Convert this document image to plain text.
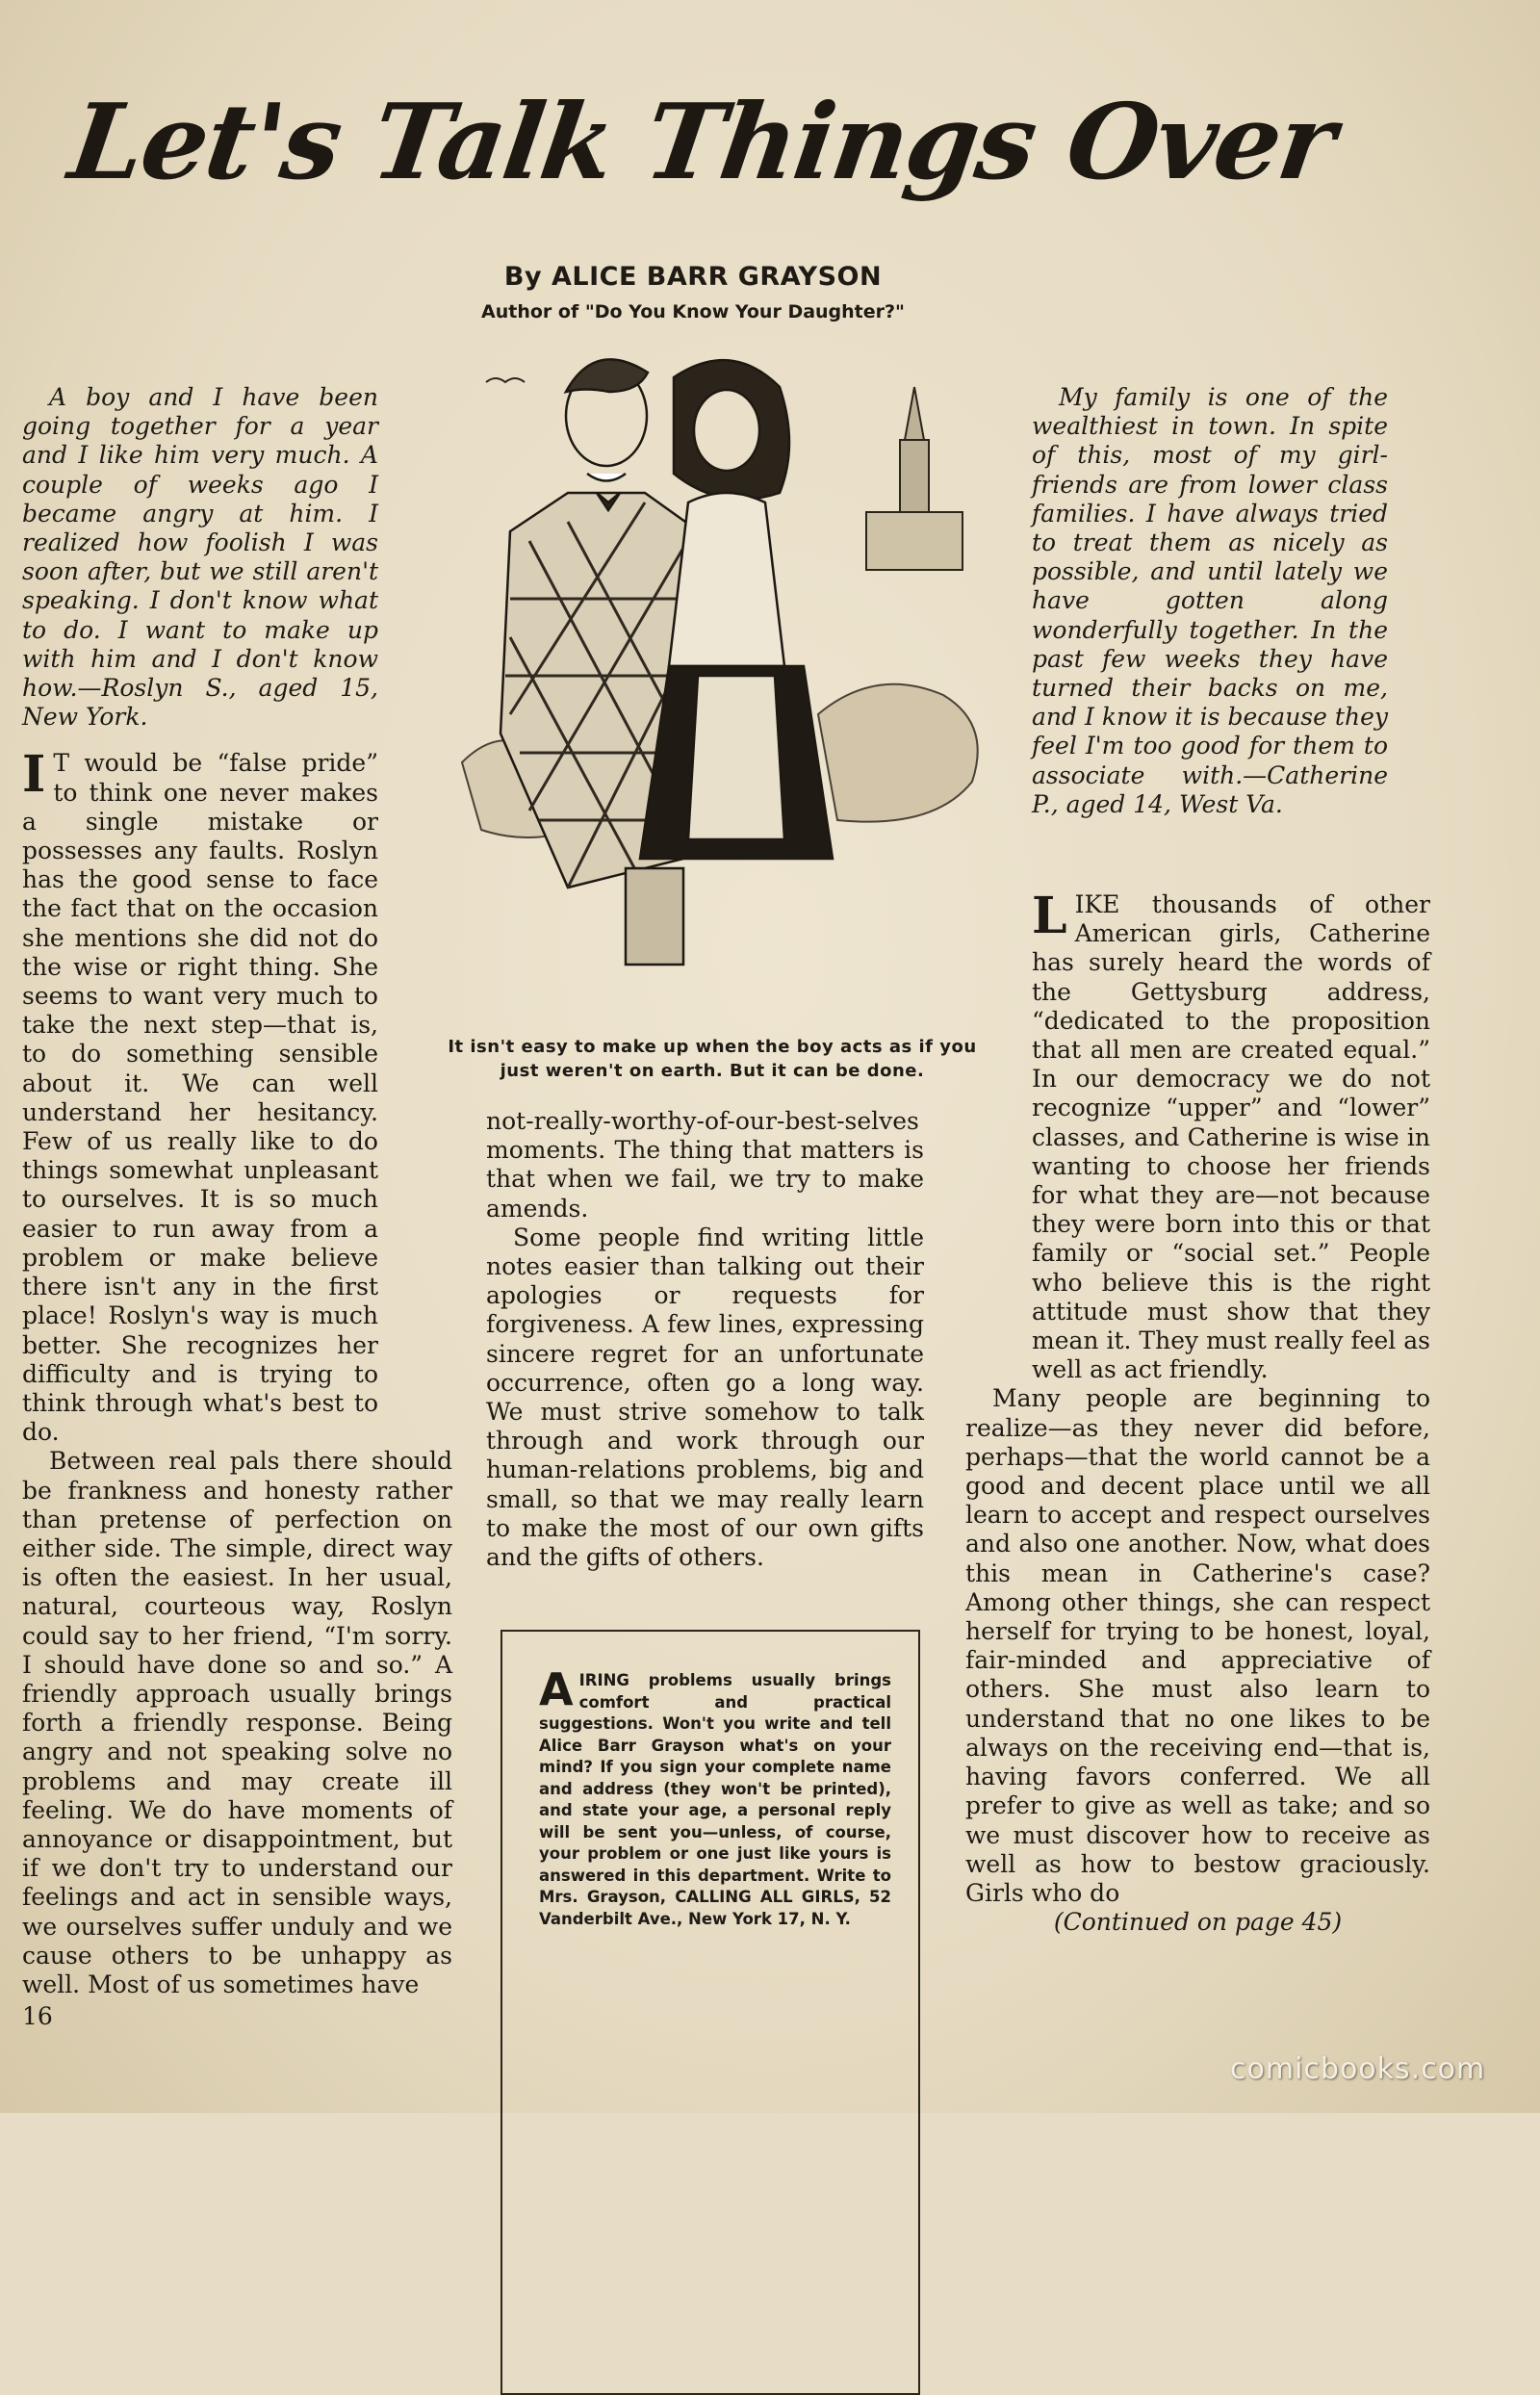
Let's Talk Things Over
By ALICE BARR GRAYSON
Author of "Do You Know Your Daughter?"

A boy and I have been going together for a year and I like him very much. A couple of weeks ago I became angry at him. I realized how foolish I was soon after, but we still aren't speaking. I don't know what to do. I want to make up with him and I don't know how.—Roslyn S., aged 15, New York.

I T would be “false pride” to think one never makes a single mistake or possesses any faults. Roslyn has the good sense to face the fact that on the occasion she mentions she did not do the wise or right thing. She seems to want very much to take the next step—that is, to do something sensible about it. We can well understand her hesitancy. Few of us really like to do things somewhat unpleasant to ourselves. It is so much easier to run away from a problem or make believe there isn't any in the first place! Roslyn's way is much better. She recognizes her difficulty and is trying to think through what's best to do.

Between real pals there should be frankness and honesty rather than pretense of perfection on either side. The simple, direct way is often the easiest. In her usual, natural, courteous way, Roslyn could say to her friend, “I'm sorry. I should have done so and so.” A friendly approach usually brings forth a friendly response. Being angry and not speaking solve no problems and may create ill feeling. We do have moments of annoyance or disappointment, but if we don't try to understand our feelings and act in sensible ways, we ourselves suffer unduly and we cause others to be unhappy as well. Most of us sometimes have

It isn't easy to make up when the boy acts as if you just weren't on earth. But it can be done.

not-really-worthy-of-our-best-selves moments. The thing that matters is that when we fail, we try to make amends.

Some people find writing little notes easier than talking out their apologies or requests for forgiveness. A few lines, expressing sincere regret for an unfortunate occurrence, often go a long way. We must strive somehow to talk through and work through our human-relations problems, big and small, so that we may really learn to make the most of our own gifts and the gifts of others.

AIRING problems usually brings comfort and practical suggestions. Won't you write and tell Alice Barr Grayson what's on your mind? If you sign your complete name and address (they won't be printed), and state your age, a personal reply will be sent you—unless, of course, your problem or one just like yours is answered in this department. Write to Mrs. Grayson, CALLING ALL GIRLS, 52 Vanderbilt Ave., New York 17, N. Y.

My family is one of the wealthiest in town. In spite of this, most of my girl-friends are from lower class families. I have always tried to treat them as nicely as possible, and until lately we have gotten along wonderfully together. In the past few weeks they have turned their backs on me, and I know it is because they feel I'm too good for them to associate with.—Catherine P., aged 14, West Va.

LIKE thousands of other American girls, Catherine has surely heard the words of the Gettysburg address, “dedicated to the proposition that all men are created equal.” In our democracy we do not recognize “upper” and “lower” classes, and Catherine is wise in wanting to choose her friends for what they are—not because they were born into this or that family or “social set.” People who believe this is the right attitude must show that they mean it. They must really feel as well as act friendly.

Many people are beginning to realize—as they never did before, perhaps—that the world cannot be a good and decent place until we all learn to accept and respect ourselves and also one another. Now, what does this mean in Catherine's case? Among other things, she can respect herself for trying to be honest, loyal, fair-minded and appreciative of others. She must also learn to understand that no one likes to be always on the receiving end—that is, having favors conferred. We all prefer to give as well as take; and so we must discover how to receive as well as how to bestow graciously. Girls who do

(Continued on page 45)

16
comicbooks.com
